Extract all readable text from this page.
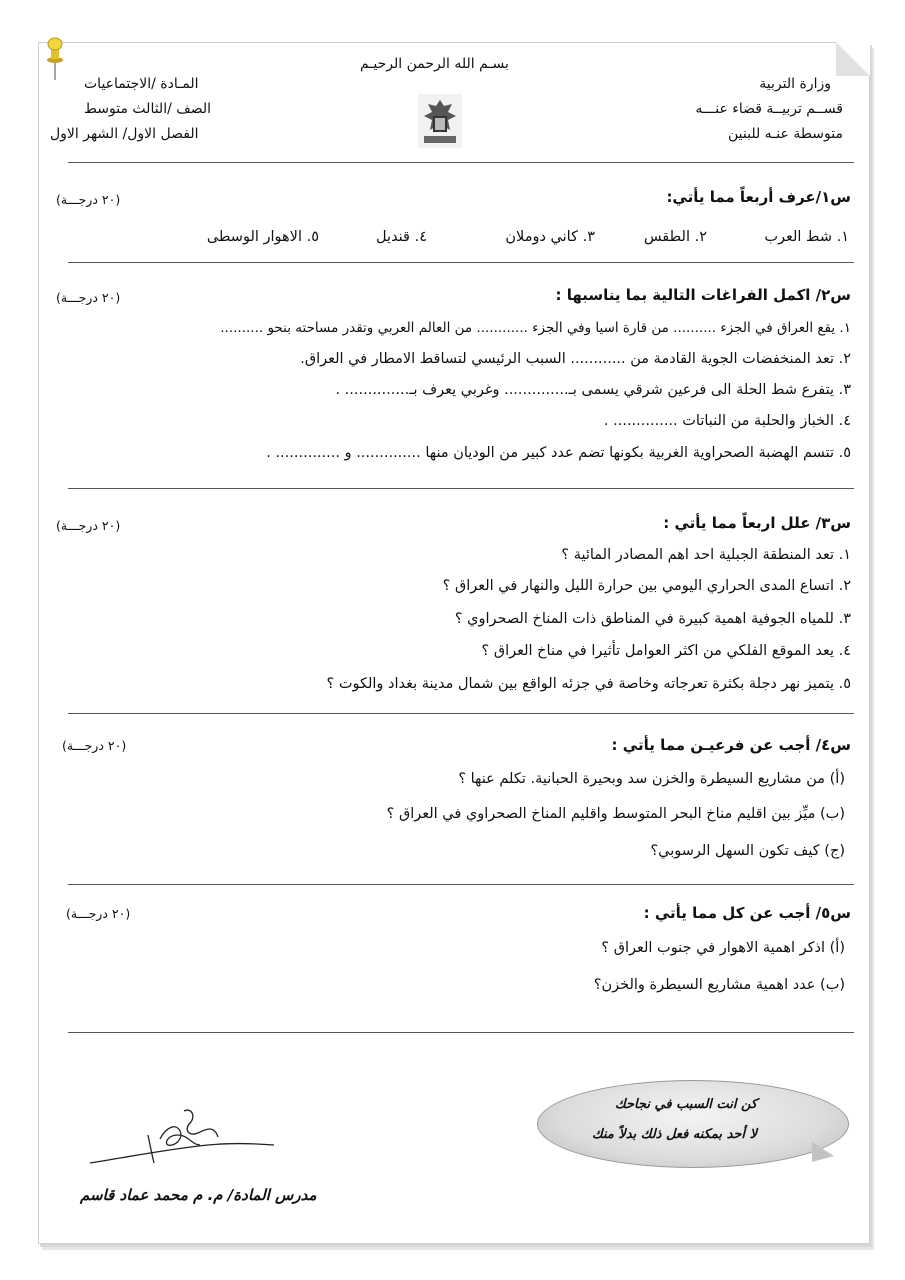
بسـم الله الرحمن الرحيـم
وزارة التربية
قســم تربيــة قضاء عنـــه
متوسطة عنـه للبنين
المـادة /الاجتماعيات
الصف /الثالث متوسط
الفصل الاول/ الشهر الاول
س١/عرف أربعاً مما يأتي:
(٢٠ درجـــة)
١. شط العرب
٢. الطقس
٣. كاني دوملان
٤. قنديل
٥. الاهوار الوسطى
س٢/ اكمل الفراغات التالية بما يناسبها :
(٢٠ درجـــة)
١. يقع العراق في الجزء .......... من قارة اسيا وفي الجزء ............ من العالم العربي وتقدر مساحته بنحو ..........
٢. تعد المنخفضات الجوية القادمة من ............ السبب الرئيسي لتساقط الامطار في العراق.
٣. يتفرع شط الحلة الى فرعين شرقي يسمى بـ.............. وغربي يعرف بـ.............. .
٤. الخباز والحلبة من النباتات .............. .
٥. تتسم الهضبة الصحراوية الغربية بكونها تضم عدد كبير من الوديان منها .............. و .............. .
س٣/ علل اربعاً مما يأتي :
(٢٠ درجـــة)
١. تعد المنطقة الجبلية احد اهم المصادر المائية ؟
٢. اتساع المدى الحراري اليومي بين حرارة الليل والنهار في العراق ؟
٣. للمياه الجوفية اهمية كبيرة في المناطق ذات المناخ الصحراوي ؟
٤. يعد الموقع الفلكي من اكثر العوامل تأثيرا في مناخ العراق ؟
٥. يتميز نهر دجلة بكثرة تعرجاته وخاصة في جزئه الواقع بين شمال مدينة بغداد والكوت ؟
س٤/ أجب عن فرعيـن مما يأتي :
(٢٠ درجـــة)
(أ) من مشاريع السيطرة والخزن سد وبحيرة الحبانية. تكلم عنها ؟
(ب) ميِّز بين اقليم مناخ البحر المتوسط واقليم المناخ الصحراوي في العراق ؟
(ج) كيف تكون السهل الرسوبي؟
س٥/ أجب عن كل مما يأتي :
(٢٠ درجـــة)
(أ) اذكر اهمية الاهوار في جنوب العراق ؟
(ب) عدد اهمية مشاريع السيطرة والخزن؟
كن انت السبب في نجاحك
لا أحد بمكنه فعل ذلك بدلاً منك
مدرس المادة/ م. م محمد عماد قاسم
